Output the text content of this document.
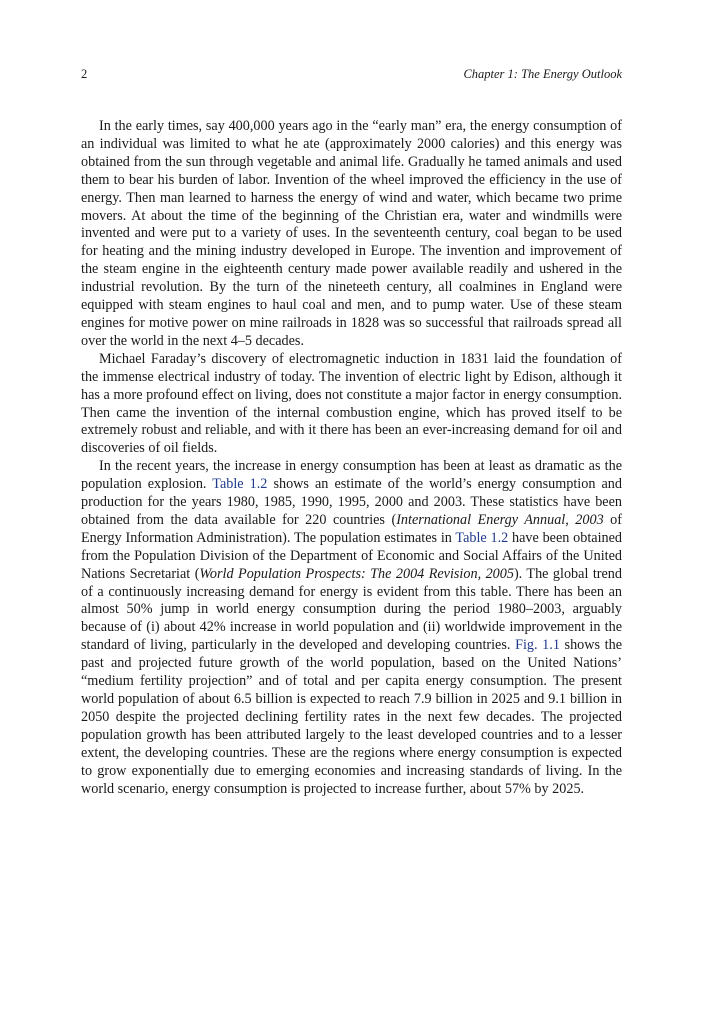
2	Chapter 1: The Energy Outlook

In the early times, say 400,000 years ago in the “early man” era, the energy consumption of an individual was limited to what he ate (approximately 2000 calories) and this energy was obtained from the sun through vegetable and animal life. Gradually he tamed animals and used them to bear his burden of labor. Invention of the wheel improved the efficiency in the use of energy. Then man learned to harness the energy of wind and water, which became two prime movers. At about the time of the beginning of the Christian era, water and windmills were invented and were put to a variety of uses. In the seventeenth century, coal began to be used for heating and the mining industry developed in Europe. The invention and improvement of the steam engine in the eighteenth century made power available readily and ushered in the industrial revolution. By the turn of the nineteeth century, all coalmines in England were equipped with steam engines to haul coal and men, and to pump water. Use of these steam engines for motive power on mine railroads in 1828 was so successful that railroads spread all over the world in the next 4–5 decades.

Michael Faraday’s discovery of electromagnetic induction in 1831 laid the foundation of the immense electrical industry of today. The invention of electric light by Edison, although it has a more profound effect on living, does not constitute a major factor in energy consumption. Then came the invention of the internal combustion engine, which has proved itself to be extremely robust and reliable, and with it there has been an ever-increasing demand for oil and discoveries of oil fields.

In the recent years, the increase in energy consumption has been at least as dramatic as the population explosion. Table 1.2 shows an estimate of the world’s energy consumption and production for the years 1980, 1985, 1990, 1995, 2000 and 2003. These statistics have been obtained from the data available for 220 countries (International Energy Annual, 2003 of Energy Information Administration). The population estimates in Table 1.2 have been obtained from the Population Division of the Department of Economic and Social Affairs of the United Nations Secretariat (World Population Prospects: The 2004 Revision, 2005). The global trend of a continuously increasing demand for energy is evident from this table. There has been an almost 50% jump in world energy consumption during the period 1980–2003, arguably because of (i) about 42% increase in world population and (ii) worldwide improvement in the standard of living, particularly in the developed and developing countries. Fig. 1.1 shows the past and projected future growth of the world population, based on the United Nations’ “medium fertility projection” and of total and per capita energy consumption. The present world population of about 6.5 billion is expected to reach 7.9 billion in 2025 and 9.1 billion in 2050 despite the projected declining fertility rates in the next few decades. The projected population growth has been attributed largely to the least developed countries and to a lesser extent, the developing countries. These are the regions where energy consumption is expected to grow exponentially due to emerging economies and increasing standards of living. In the world scenario, energy consumption is projected to increase further, about 57% by 2025.
